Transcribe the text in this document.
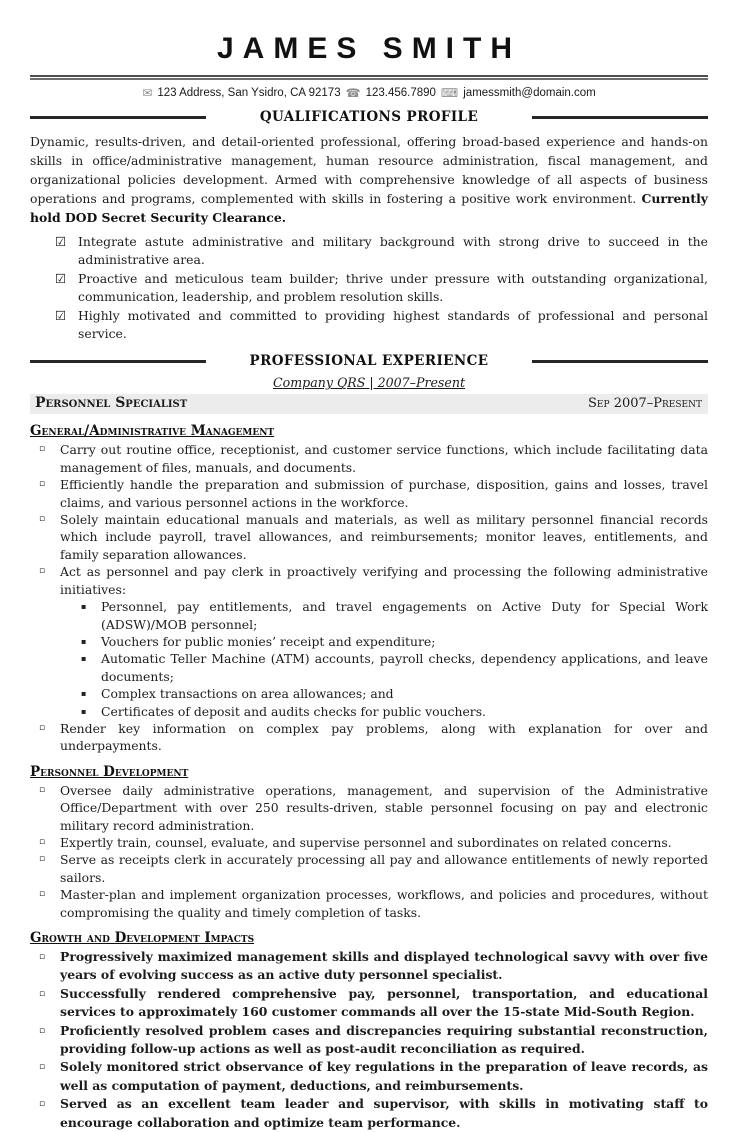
JAMES SMITH
✉ 123 Address, San Ysidro, CA 92173 ☎ 123.456.7890 ⌨ jamessmith@domain.com
QUALIFICATIONS PROFILE

Dynamic, results-driven, and detail-oriented professional, offering broad-based experience and hands-on skills in office/administrative management, human resource administration, fiscal management, and organizational policies development. Armed with comprehensive knowledge of all aspects of business operations and programs, complemented with skills in fostering a positive work environment. Currently hold DOD Secret Security Clearance.

☑ Integrate astute administrative and military background with strong drive to succeed in the administrative area.
☑ Proactive and meticulous team builder; thrive under pressure with outstanding organizational, communication, leadership, and problem resolution skills.
☑ Highly motivated and committed to providing highest standards of professional and personal service.
PROFESSIONAL EXPERIENCE
Company QRS | 2007–Present
Personnel Specialist	Sep 2007–Present
General/Administrative Management
▫	Carry out routine office, receptionist, and customer service functions, which include facilitating data management of files, manuals, and documents.
▫	Efficiently handle the preparation and submission of purchase, disposition, gains and losses, travel claims, and various personnel actions in the workforce.
▫	Solely maintain educational manuals and materials, as well as military personnel financial records which include payroll, travel allowances, and reimbursements; monitor leaves, entitlements, and family separation allowances.
▫	Act as personnel and pay clerk in proactively verifying and processing the following administrative initiatives:
▪	Personnel, pay entitlements, and travel engagements on Active Duty for Special Work (ADSW)/MOB personnel;
▪	Vouchers for public monies’ receipt and expenditure;
▪	Automatic Teller Machine (ATM) accounts, payroll checks, dependency applications, and leave documents;
▪	Complex transactions on area allowances; and
▪	Certificates of deposit and audits checks for public vouchers.
▫	Render key information on complex pay problems, along with explanation for over and underpayments.
Personnel Development
▫	Oversee daily administrative operations, management, and supervision of the Administrative Office/Department with over 250 results-driven, stable personnel focusing on pay and electronic military record administration.
▫	Expertly train, counsel, evaluate, and supervise personnel and subordinates on related concerns.
▫	Serve as receipts clerk in accurately processing all pay and allowance entitlements of newly reported sailors.
▫	Master-plan and implement organization processes, workflows, and policies and procedures, without compromising the quality and timely completion of tasks.
Growth and Development Impacts
▫	Progressively maximized management skills and displayed technological savvy with over five years of evolving success as an active duty personnel specialist.
▫	Successfully rendered comprehensive pay, personnel, transportation, and educational services to approximately 160 customer commands all over the 15-state Mid-South Region.
▫	Proficiently resolved problem cases and discrepancies requiring substantial reconstruction, providing follow-up actions as well as post-audit reconciliation as required.
▫	Solely monitored strict observance of key regulations in the preparation of leave records, as well as computation of payment, deductions, and reimbursements.
▫	Served as an excellent team leader and supervisor, with skills in motivating staff to encourage collaboration and optimize team performance.
